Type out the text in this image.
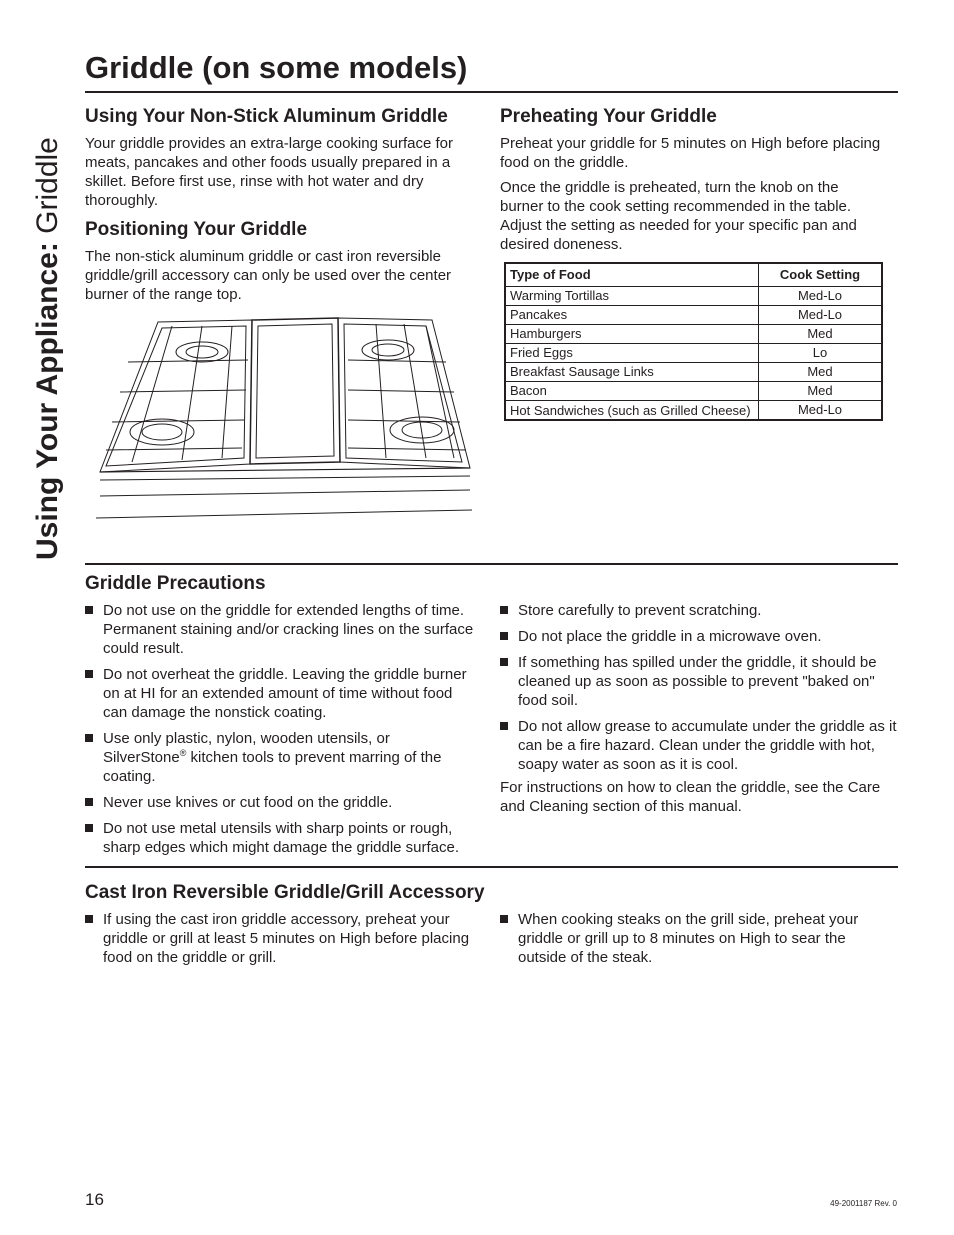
Using Your Appliance: Griddle
Griddle (on some models)
Using Your Non-Stick Aluminum Griddle

Your griddle provides an extra-large cooking surface for meats, pancakes and other foods usually prepared in a skillet. Before first use, rinse with hot water and dry thoroughly.

Positioning Your Griddle

The non-stick aluminum griddle or cast iron reversible griddle/grill accessory can only be used over the center burner of the range top.

Preheating Your Griddle

Preheat your griddle for 5 minutes on High before placing food on the griddle.

Once the griddle is preheated, turn the knob on the burner to the cook setting recommended in the table. Adjust the setting as needed for your specific pan and desired doneness.

Type of Food	Cook Setting
Warming Tortillas	Med-Lo
Pancakes	Med-Lo
Hamburgers	Med
Fried Eggs	Lo
Breakfast Sausage Links	Med
Bacon	Med
Hot Sandwiches (such as Grilled Cheese)	Med-Lo
Griddle Precautions
Do not use on the griddle for extended lengths of time. Permanent staining and/or cracking lines on the surface could result.
Do not overheat the griddle. Leaving the griddle burner on at HI for an extended amount of time without food can damage the nonstick coating.
Use only plastic, nylon, wooden utensils, or SilverStone® kitchen tools to prevent marring of the coating.
Never use knives or cut food on the griddle.
Do not use metal utensils with sharp points or rough, sharp edges which might damage the griddle surface.
Store carefully to prevent scratching.
Do not place the griddle in a microwave oven.
If something has spilled under the griddle, it should be cleaned up as soon as possible to prevent "baked on" food soil.
Do not allow grease to accumulate under the griddle as it can be a fire hazard. Clean under the griddle with hot, soapy water as soon as it is cool.

For instructions on how to clean the griddle, see the Care and Cleaning section of this manual.

Cast Iron Reversible Griddle/Grill Accessory
If using the cast iron griddle accessory, preheat your griddle or grill at least 5 minutes on High before placing food on the griddle or grill.
When cooking steaks on the grill side, preheat your griddle or grill up to 8 minutes on High to sear the outside of the steak.
16	49-2001187 Rev. 0
